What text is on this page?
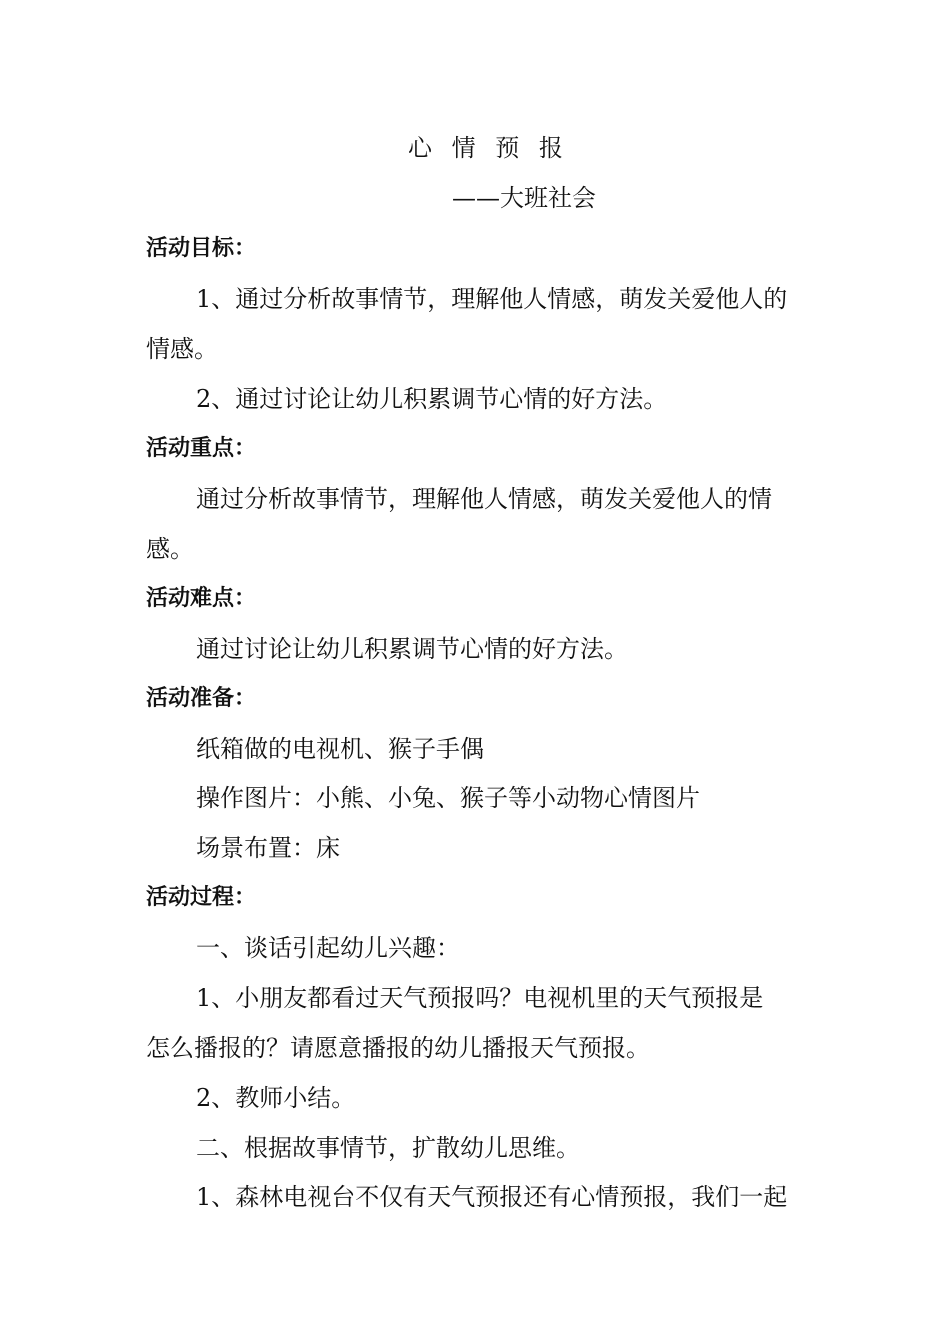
心 情 预 报
——大班社会
活动目标：
1、通过分析故事情节，理解他人情感，萌发关爱他人的
情感。
2、通过讨论让幼儿积累调节心情的好方法。
活动重点：
通过分析故事情节，理解他人情感，萌发关爱他人的情
感。
活动难点：
通过讨论让幼儿积累调节心情的好方法。
活动准备：
纸箱做的电视机、猴子手偶
操作图片：小熊、小兔、猴子等小动物心情图片
场景布置：床
活动过程：
一、谈话引起幼儿兴趣：
1、小朋友都看过天气预报吗？电视机里的天气预报是
怎么播报的？请愿意播报的幼儿播报天气预报。
2、教师小结。
二、根据故事情节，扩散幼儿思维。
1、森林电视台不仅有天气预报还有心情预报，我们一起
